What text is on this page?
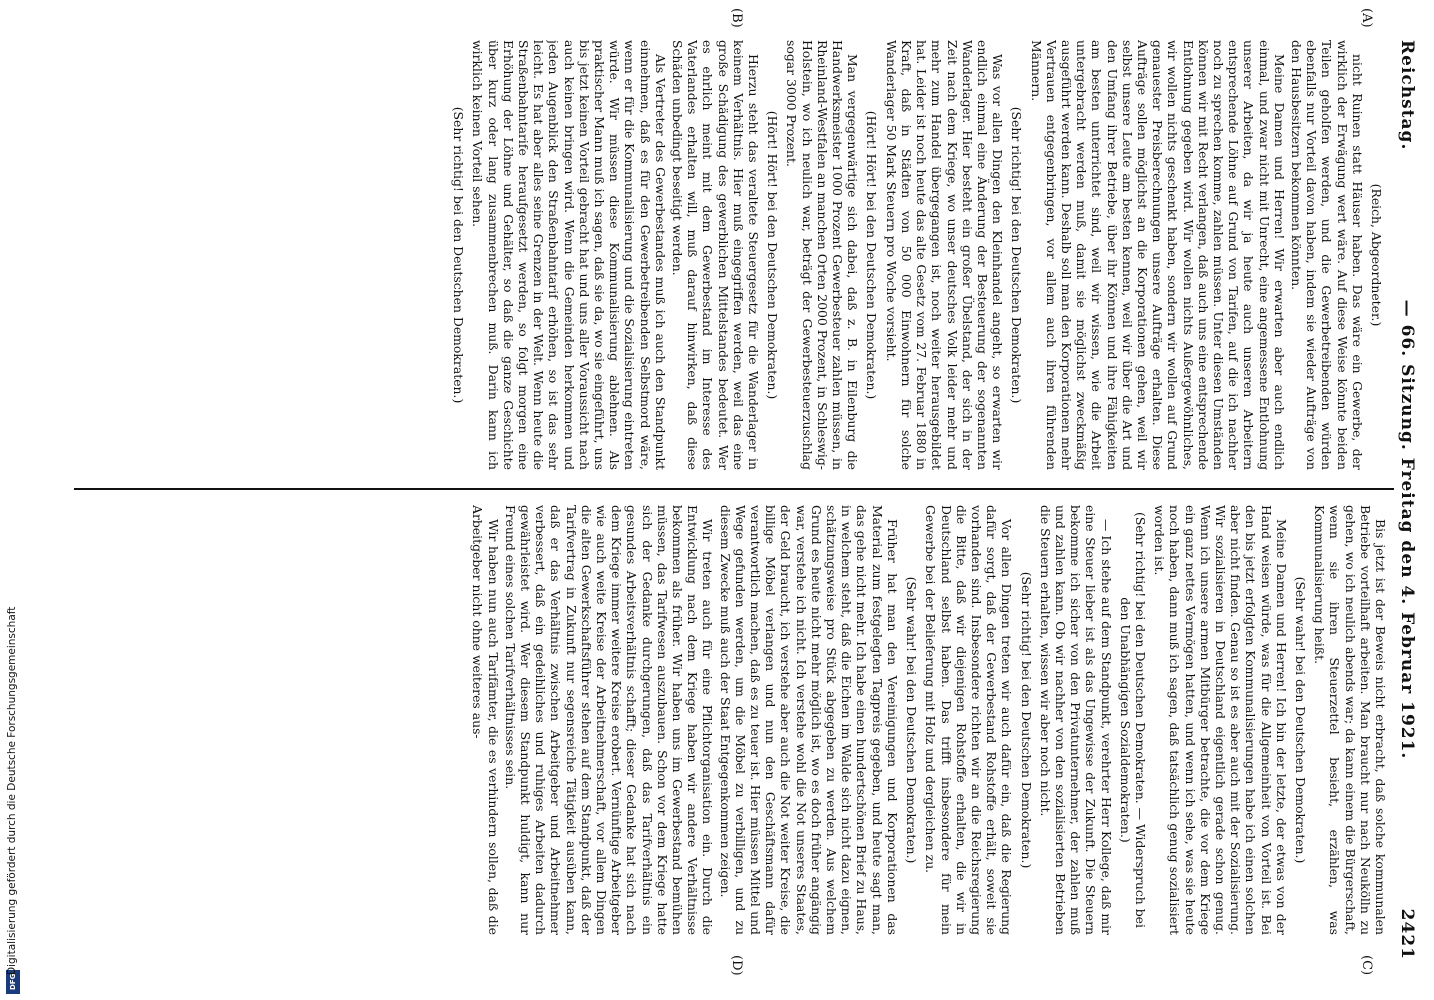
DFG
Digitalisierung gefördert durch die Deutsche Forschungsgemeinschaft
Reichstag.
— 66. Sitzung. Freitag den 4. Februar 1921.
2421
(A)
(B)
(C)
(D)

(Reich, Abgeordneter.)

nicht Ruinen statt Häuser haben. Das wäre ein Gewerbe, der wirklich der Erwägung wert wäre. Auf diese Weise könnte beiden Teilen geholfen werden, und die Gewerbetreibenden würden ebenfalls nur Vorteil davon haben, indem sie wieder Aufträge von den Hausbesitzern bekommen könnten.

Meine Damen und Herren! Wir erwarten aber auch endlich einmal, und zwar nicht mit Unrecht, eine angemessene Entlohnung unserer Arbeiten, da wir ja heute auch unseren Arbeitern entsprechende Löhne auf Grund von Tarifen, auf die ich nachher noch zu sprechen komme, zahlen müssen. Unter diesen Umständen können wir mit Recht verlangen, daß auch uns eine entsprechende Entlohnung gegeben wird. Wir wollen nichts Außergewöhnliches, wir wollen nichts geschenkt haben, sondern wir wollen auf Grund genauester Preisberechnungen unsere Aufträge erhalten. Diese Aufträge sollen möglichst an die Korporationen gehen, weil wir selbst unsere Leute am besten kennen, weil wir über die Art und den Umfang ihrer Betriebe, über ihr Können und ihre Fähigkeiten am besten unterrichtet sind, weil wir wissen, wie die Arbeit untergebracht werden muß, damit sie möglichst zweckmäßig ausgeführt werden kann. Deshalb soll man den Korporationen mehr Vertrauen entgegenbringen, vor allem auch ihren führenden Männern.

(Sehr richtig! bei den Deutschen Demokraten.)

Was vor allen Dingen den Kleinhandel angeht, so erwarten wir endlich einmal eine Änderung der Besteuerung der sogenannten Wanderlager. Hier besteht ein großer Übelstand, der sich in der Zeit nach dem Kriege, wo unser deutsches Volk leider mehr und mehr zum Handel übergegangen ist, noch weiter herausgebildet hat. Leider ist noch heute das alte Gesetz vom 27. Februar 1880 in Kraft, daß in Städten von 50 000 Einwohnern für solche Wanderlager 50 Mark Steuern pro Woche vorsieht.

(Hört! Hört! bei den Deutschen Demokraten.)

Man vergegenwärtige sich dabei, daß z. B. in Eilenburg die Handwerksmeister 1000 Prozent Gewerbesteuer zahlen müssen, in Rheinland-Westfalen an manchen Orten 2000 Prozent, in Schleswig-Holstein, wo ich neulich war, beträgt der Gewerbesteuerzuschlag sogar 3000 Prozent.

(Hört! Hört! bei den Deutschen Demokraten.)

Hierzu steht das veraltete Steuergesetz für die Wanderlager in keinem Verhältnis. Hier muß eingegriffen werden, weil das eine große Schädigung des gewerblichen Mittelstandes bedeutet. Wer es ehrlich meint mit dem Gewerbestand im Interesse des Vaterlandes erhalten will, muß darauf hinwirken, daß diese Schäden unbedingt beseitigt werden.

Als Vertreter des Gewerbestandes muß ich auch den Standpunkt einnehmen, daß es für den Gewerbetreibenden Selbstmord wäre, wenn er für die Kommunalisierung und die Sozialisierung eintreten würde. Wir müssen diese Kommunalisierung ablehnen. Als praktischer Mann muß ich sagen, daß sie da, wo sie eingeführt, uns bis jetzt keinen Vorteil gebracht hat und uns aller Voraussicht nach auch keinen bringen wird. Wenn die Gemeinden herkommen und jeden Augenblick den Straßenbahntarif erhöhen, so ist das sehr leicht. Es hat aber alles seine Grenzen in der Welt. Wenn heute die Straßenbahntarife heraufgesetzt werden, so folgt morgen eine Erhöhung der Löhne und Gehälter, so daß die ganze Geschichte über kurz oder lang zusammenbrechen muß. Darin kann ich wirklich keinen Vorteil sehen.

(Sehr richtig! bei den Deutschen Demokraten.)

Bis jetzt ist der Beweis nicht erbracht, daß solche kommunalen Betriebe vorteilhaft arbeiten. Man braucht nur nach Neukölln zu gehen, wo ich neulich abends war; da kann einem die Bürgerschaft, wenn sie ihren Steuerzettel besieht, erzählen, was Kommunalisierung heißt.

(Sehr wahr! bei den Deutschen Demokraten.)

Meine Damen und Herren! Ich bin der letzte, der etwas von der Hand weisen würde, was für die Allgemeinheit von Vorteil ist. Bei den bis jetzt erfolgten Kommunalisierungen habe ich einen solchen aber nicht finden. Genau so ist es aber auch mit der Sozialisierung. Wir sozialisieren in Deutschland eigentlich gerade schon genug. Wenn ich unsere armen Mitbürger betrachte, die vor dem Kriege ein ganz nettes Vermögen hatten, und wenn ich sehe, was sie heute noch haben, dann muß ich sagen, daß tatsächlich genug sozialisiert worden ist.

(Sehr richtig! bei den Deutschen Demokraten. — Widerspruch bei den Unabhängigen Sozialdemokraten.)

— Ich stehe auf dem Standpunkt, verehrter Herr Kollege, daß mir eine Steuer lieber ist als das Ungewisse der Zukunft. Die Steuern bekomme ich sicher von den Privatunternehmer, der zahlen muß und zahlen kann. Ob wir nachher von den sozialisierten Betrieben die Steuern erhalten, wissen wir aber noch nicht.

(Sehr richtig! bei den Deutschen Demokraten.)

Vor allen Dingen treten wir auch dafür ein, daß die Regierung dafür sorgt, daß der Gewerbestand Rohstoffe erhält, soweit sie vorhanden sind. Insbesondere richten wir an die Reichsregierung die Bitte, daß wir diejenigen Rohstoffe erhalten, die wir in Deutschland selbst haben. Das trifft insbesondere für mein Gewerbe bei der Belieferung mit Holz und dergleichen zu.

(Sehr wahr! bei den Deutschen Demokraten.)

Früher hat man den Vereinigungen und Korporationen das Material zum festgelegten Tagpreis gegeben, und heute sagt man, das gehe nicht mehr. Ich habe einen hundertschönen Brief zu Haus, in welchem steht, daß die Eichen im Walde sich nicht dazu eignen, schätzungsweise pro Stück abgegeben zu werden. Aus welchem Grund es heute nicht mehr möglich ist, wo es doch früher angängig war, verstehe ich nicht. Ich verstehe wohl die Not unseres Staates, der Geld braucht, ich verstehe aber auch die Not weiter Kreise, die billige Möbel verlangen und nun den Geschäftsmann dafür verantwortlich machen, daß es zu teuer ist. Hier müssen Mittel und Wege gefunden werden, um die Möbel zu verbilligen, und zu diesem Zwecke muß auch der Staat Entgegenkommen zeigen.

Wir treten auch für eine Pflichtorganisation ein. Durch die Entwicklung nach dem Kriege haben wir andere Verhältnisse bekommen als früher. Wir haben uns im Gewerbestand bemühen müssen, das Tarifwesen auszubauen. Schon vor dem Kriege hatte sich der Gedanke durchgerungen, daß das Tarifverhältnis ein gesundes Arbeitsverhältnis schafft; dieser Gedanke hat sich nach dem Kriege immer weitere Kreise erobert. Vernünftige Arbeitgeber wie auch weite Kreise der Arbeitnehmerschaft, vor allem Dingen die alten Gewerkschaftsführer stehen auf dem Standpunkt, daß der Tarifvertrag in Zukunft nur segensreiche Tätigkeit ausüben kann, daß er das Verhältnis zwischen Arbeitgeber und Arbeitnehmer verbessert, daß ein gedeihliches und ruhiges Arbeiten dadurch gewährleistet wird. Wer diesem Standpunkt huldigt, kann nur Freund eines solchen Tarifverhältnisses sein.

Wir haben nun auch Tarifämter, die es verhindern sollen, daß die Arbeitgeber nicht ohne weiteres aus-
